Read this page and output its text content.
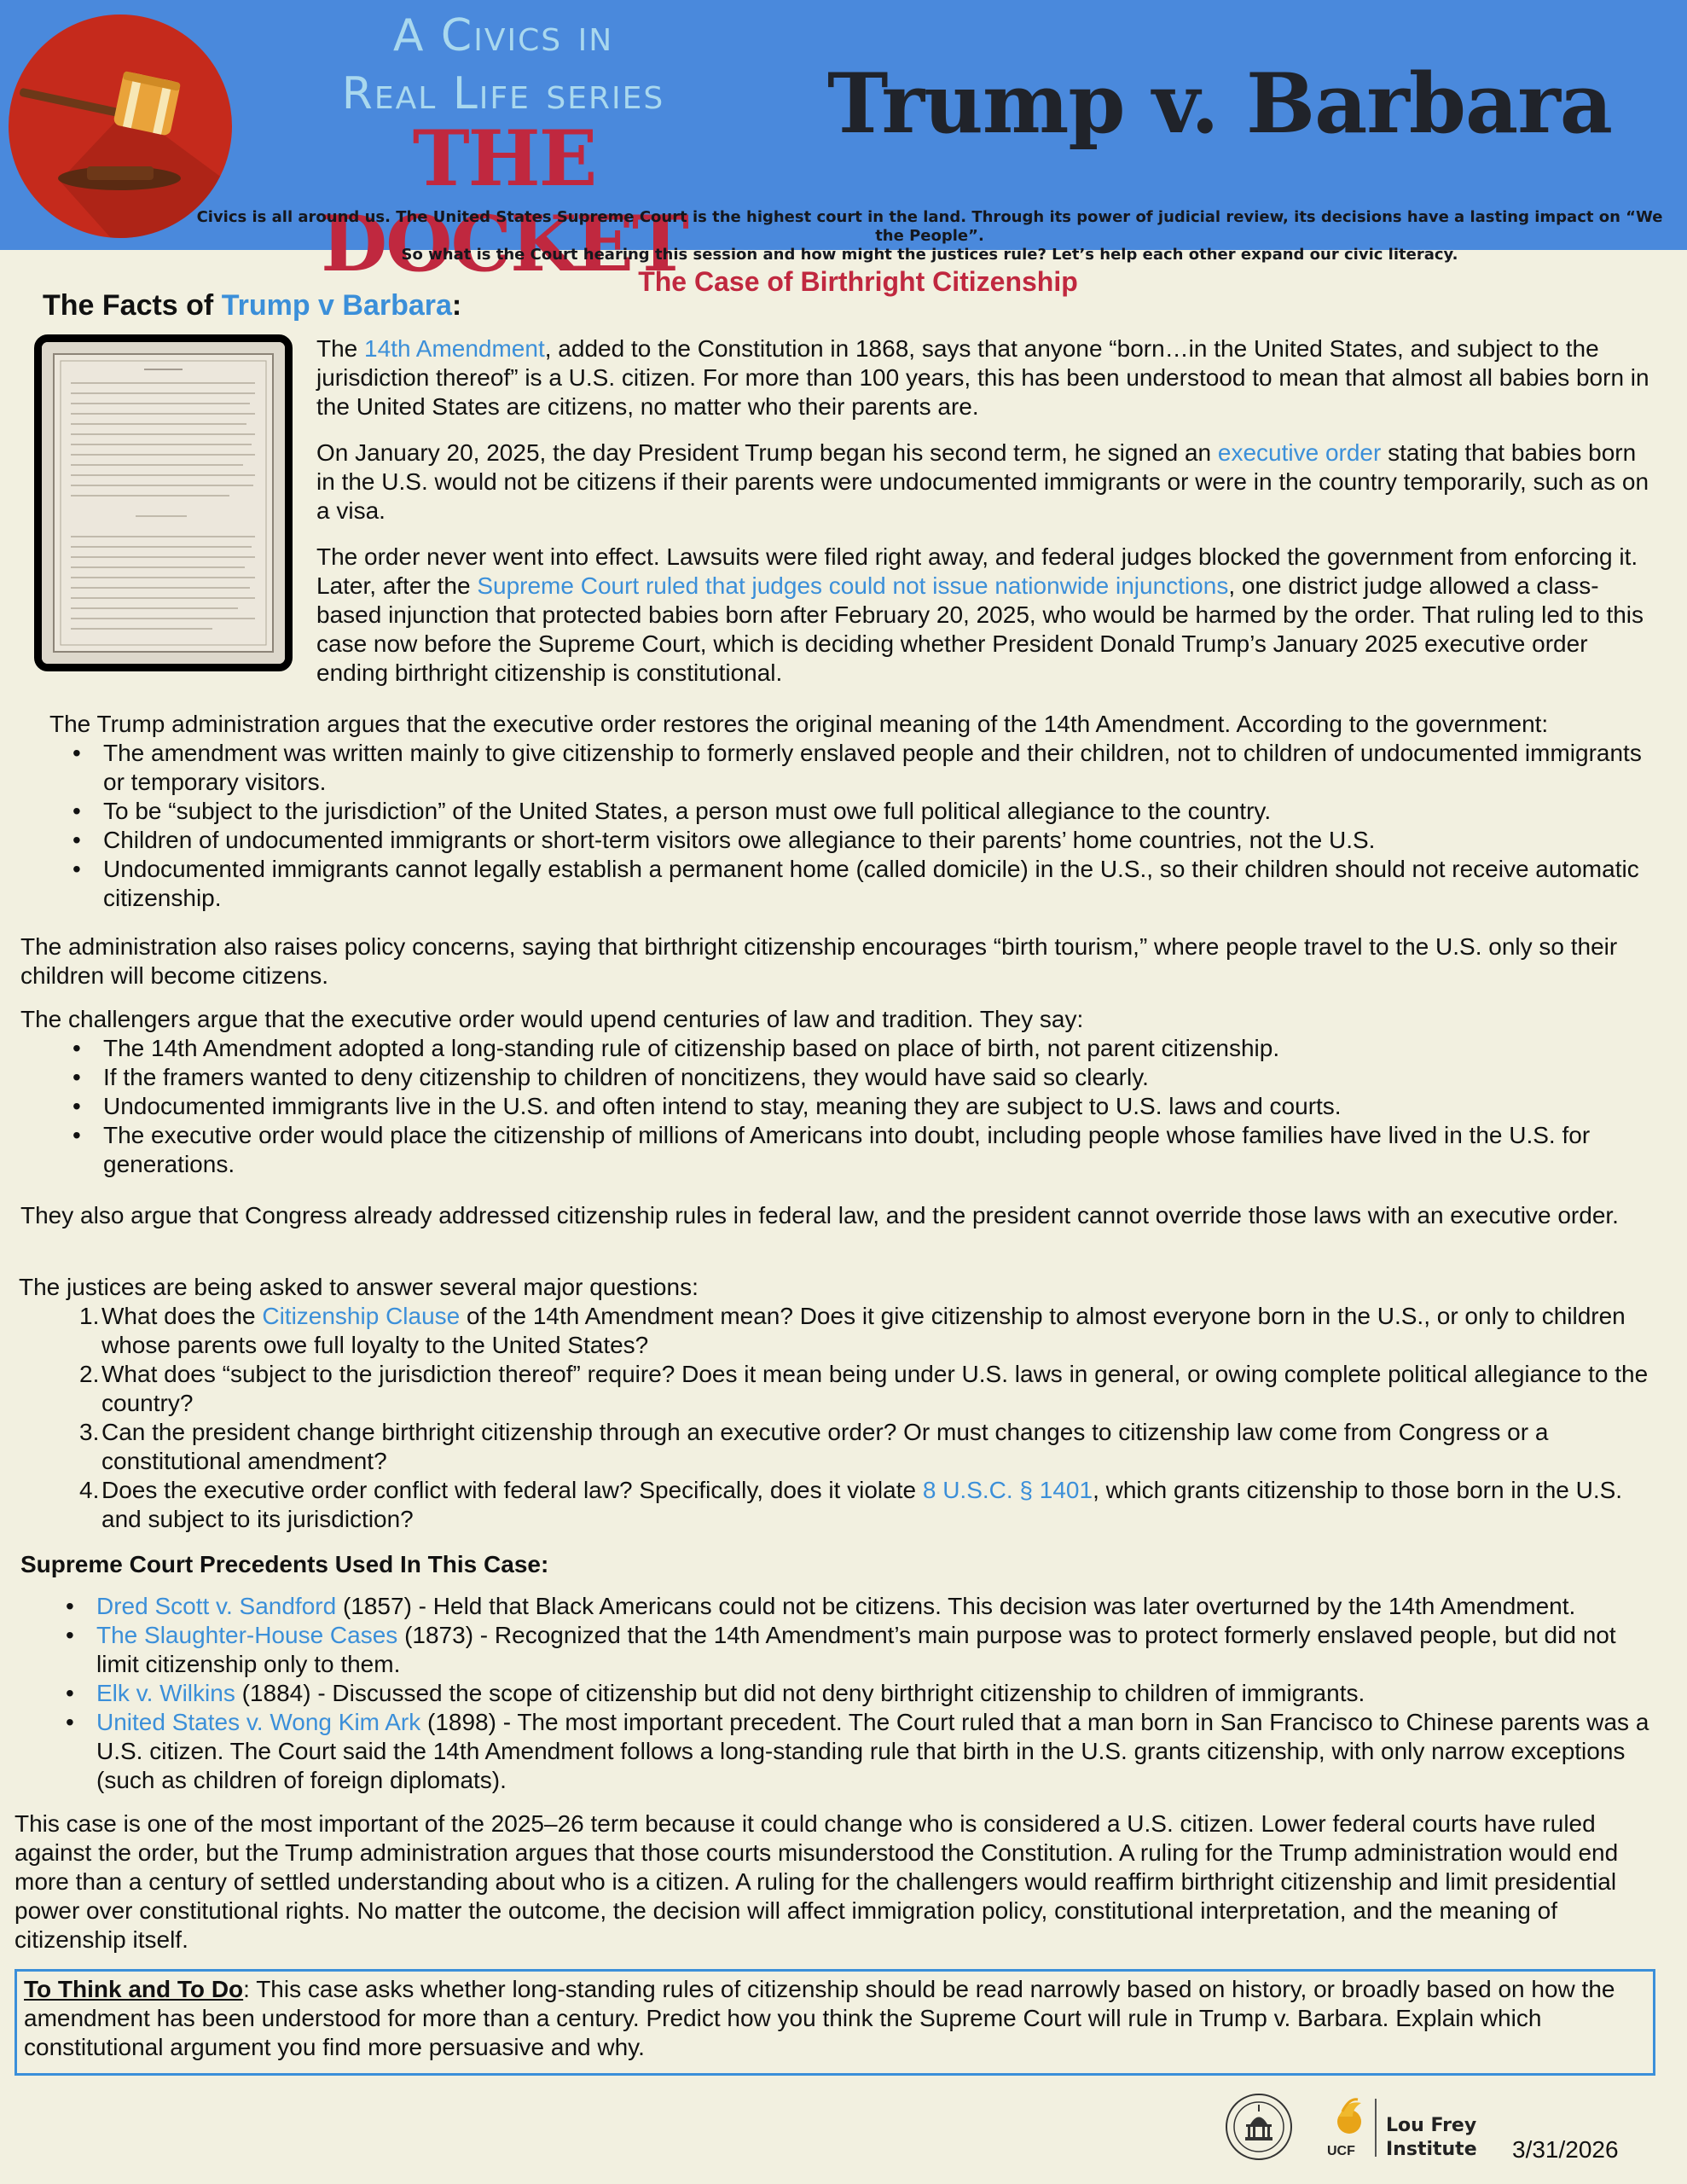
A Civics in
Real Life series
THE DOCKET
Trump v. Barbara
Civics is all around us. The United States Supreme Court is the highest court in the land. Through its power of judicial review, its decisions have a lasting impact on “We the People”.
So what is the Court hearing this session and how might the justices rule? Let’s help each other expand our civic literacy.
The Case of Birthright Citizenship
The Facts of Trump v Barbara:

The 14th Amendment, added to the Constitution in 1868, says that anyone “born…in the United States, and subject to the jurisdiction thereof” is a U.S. citizen. For more than 100 years, this has been understood to mean that almost all babies born in the United States are citizens, no matter who their parents are.

On January 20, 2025, the day President Trump began his second term, he signed an executive order stating that babies born in the U.S. would not be citizens if their parents were undocumented immigrants or were in the country temporarily, such as on a visa.

The order never went into effect. Lawsuits were filed right away, and federal judges blocked the government from enforcing it. Later, after the Supreme Court ruled that judges could not issue nationwide injunctions, one district judge allowed a class-based injunction that protected babies born after February 20, 2025, who would be harmed by the order. That ruling led to this case now before the Supreme Court, which is deciding whether President Donald Trump’s January 2025 executive order ending birthright citizenship is constitutional.

The Trump administration argues that the executive order restores the original meaning of the 14th Amendment. According to the government:

• The amendment was written mainly to give citizenship to formerly enslaved people and their children, not to children of undocumented immigrants or temporary visitors.
• To be “subject to the jurisdiction” of the United States, a person must owe full political allegiance to the country.
• Children of undocumented immigrants or short-term visitors owe allegiance to their parents’ home countries, not the U.S.
• Undocumented immigrants cannot legally establish a permanent home (called domicile) in the U.S., so their children should not receive automatic citizenship.
The administration also raises policy concerns, saying that birthright citizenship encourages “birth tourism,” where people travel to the U.S. only so their children will become citizens.

The challengers argue that the executive order would upend centuries of law and tradition. They say:

• The 14th Amendment adopted a long-standing rule of citizenship based on place of birth, not parent citizenship.
• If the framers wanted to deny citizenship to children of noncitizens, they would have said so clearly.
• Undocumented immigrants live in the U.S. and often intend to stay, meaning they are subject to U.S. laws and courts.
• The executive order would place the citizenship of millions of Americans into doubt, including people whose families have lived in the U.S. for generations.
They also argue that Congress already addressed citizenship rules in federal law, and the president cannot override those laws with an executive order.

The justices are being asked to answer several major questions:

1. What does the Citizenship Clause of the 14th Amendment mean? Does it give citizenship to almost everyone born in the U.S., or only to children whose parents owe full loyalty to the United States?
2. What does “subject to the jurisdiction thereof” require? Does it mean being under U.S. laws in general, or owing complete political allegiance to the country?
3. Can the president change birthright citizenship through an executive order? Or must changes to citizenship law come from Congress or a constitutional amendment?
4. Does the executive order conflict with federal law? Specifically, does it violate 8 U.S.C. § 1401, which grants citizenship to those born in the U.S. and subject to its jurisdiction?
Supreme Court Precedents Used In This Case:
• Dred Scott v. Sandford (1857) - Held that Black Americans could not be citizens. This decision was later overturned by the 14th Amendment.
• The Slaughter-House Cases (1873) - Recognized that the 14th Amendment’s main purpose was to protect formerly enslaved people, but did not limit citizenship only to them.
• Elk v. Wilkins (1884) - Discussed the scope of citizenship but did not deny birthright citizenship to children of immigrants.
• United States v. Wong Kim Ark (1898) - The most important precedent. The Court ruled that a man born in San Francisco to Chinese parents was a U.S. citizen. The Court said the 14th Amendment follows a long-standing rule that birth in the U.S. grants citizenship, with only narrow exceptions (such as children of foreign diplomats).
This case is one of the most important of the 2025–26 term because it could change who is considered a U.S. citizen. Lower federal courts have ruled against the order, but the Trump administration argues that those courts misunderstood the Constitution. A ruling for the Trump administration would end more than a century of settled understanding about who is a citizen. A ruling for the challengers would reaffirm birthright citizenship and limit presidential power over constitutional rights. No matter the outcome, the decision will affect immigration policy, constitutional interpretation, and the meaning of citizenship itself.
To Think and To Do: This case asks whether long-standing rules of citizenship should be read narrowly based on history, or broadly based on how the amendment has been understood for more than a century. Predict how you think the Supreme Court will rule in Trump v. Barbara. Explain which constitutional argument you find more persuasive and why.
UCF
Lou Frey
Institute 3/31/2026
